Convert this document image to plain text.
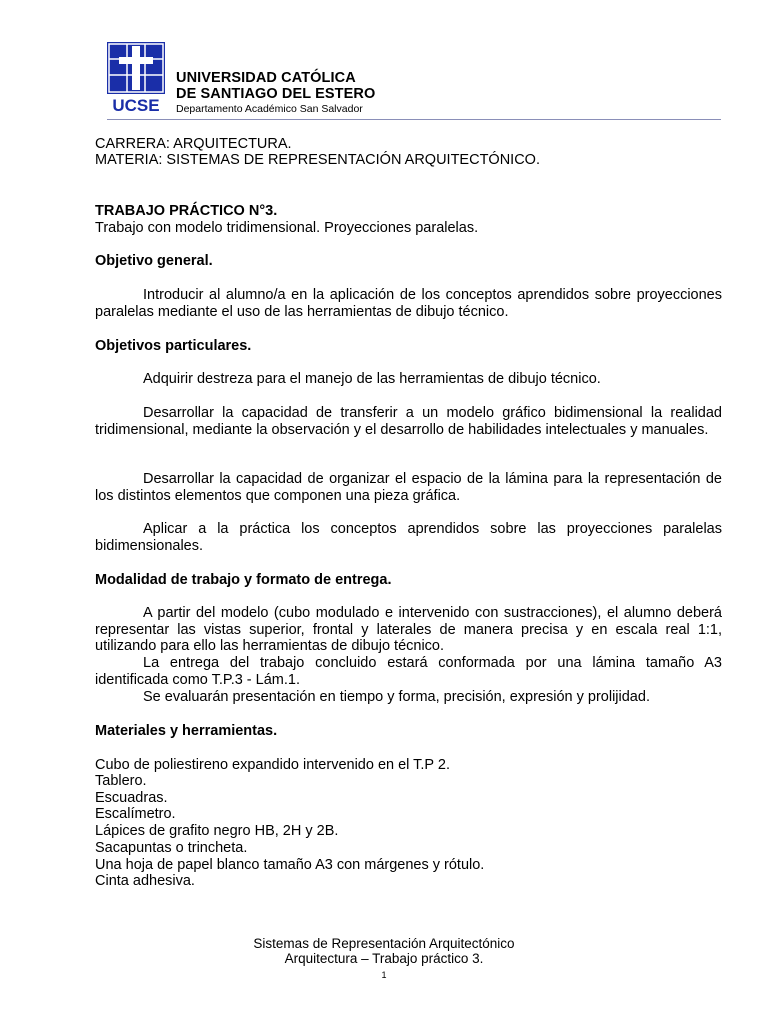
UCSE
UNIVERSIDAD CATÓLICA
DE SANTIAGO DEL ESTERO
Departamento Académico San Salvador
CARRERA: ARQUITECTURA.
MATERIA: SISTEMAS DE REPRESENTACIÓN ARQUITECTÓNICO.
TRABAJO PRÁCTICO N°3.
Trabajo con modelo tridimensional. Proyecciones paralelas.
Objetivo general.
Introducir al alumno/a en la aplicación de los conceptos aprendidos sobre proyecciones paralelas mediante el uso de las herramientas de dibujo técnico.
Objetivos particulares.
Adquirir destreza para el manejo de las herramientas de dibujo técnico.
Desarrollar la capacidad de transferir a un modelo gráfico bidimensional la realidad tridimensional, mediante la observación y el desarrollo de habilidades intelectuales y manuales.
Desarrollar la capacidad de organizar el espacio de la lámina para la representación de los distintos elementos que componen una pieza gráfica.
Aplicar a la práctica los conceptos aprendidos sobre las proyecciones paralelas bidimensionales.
Modalidad de trabajo y formato de entrega.
A partir del modelo (cubo modulado e intervenido con sustracciones), el alumno deberá representar las vistas superior, frontal y laterales de manera precisa y en escala real 1:1, utilizando para ello las herramientas de dibujo técnico.
La entrega del trabajo concluido estará conformada por una lámina tamaño A3 identificada como T.P.3 - Lám.1.
Se evaluarán presentación en tiempo y forma, precisión, expresión y prolijidad.
Materiales y herramientas.
Cubo de poliestireno expandido intervenido en el T.P 2.
Tablero.
Escuadras.
Escalímetro.
Lápices de grafito negro HB, 2H y 2B.
Sacapuntas o trincheta.
Una hoja de papel blanco tamaño A3 con márgenes y rótulo.
Cinta adhesiva.
Sistemas de Representación Arquitectónico
Arquitectura – Trabajo práctico 3.
1
